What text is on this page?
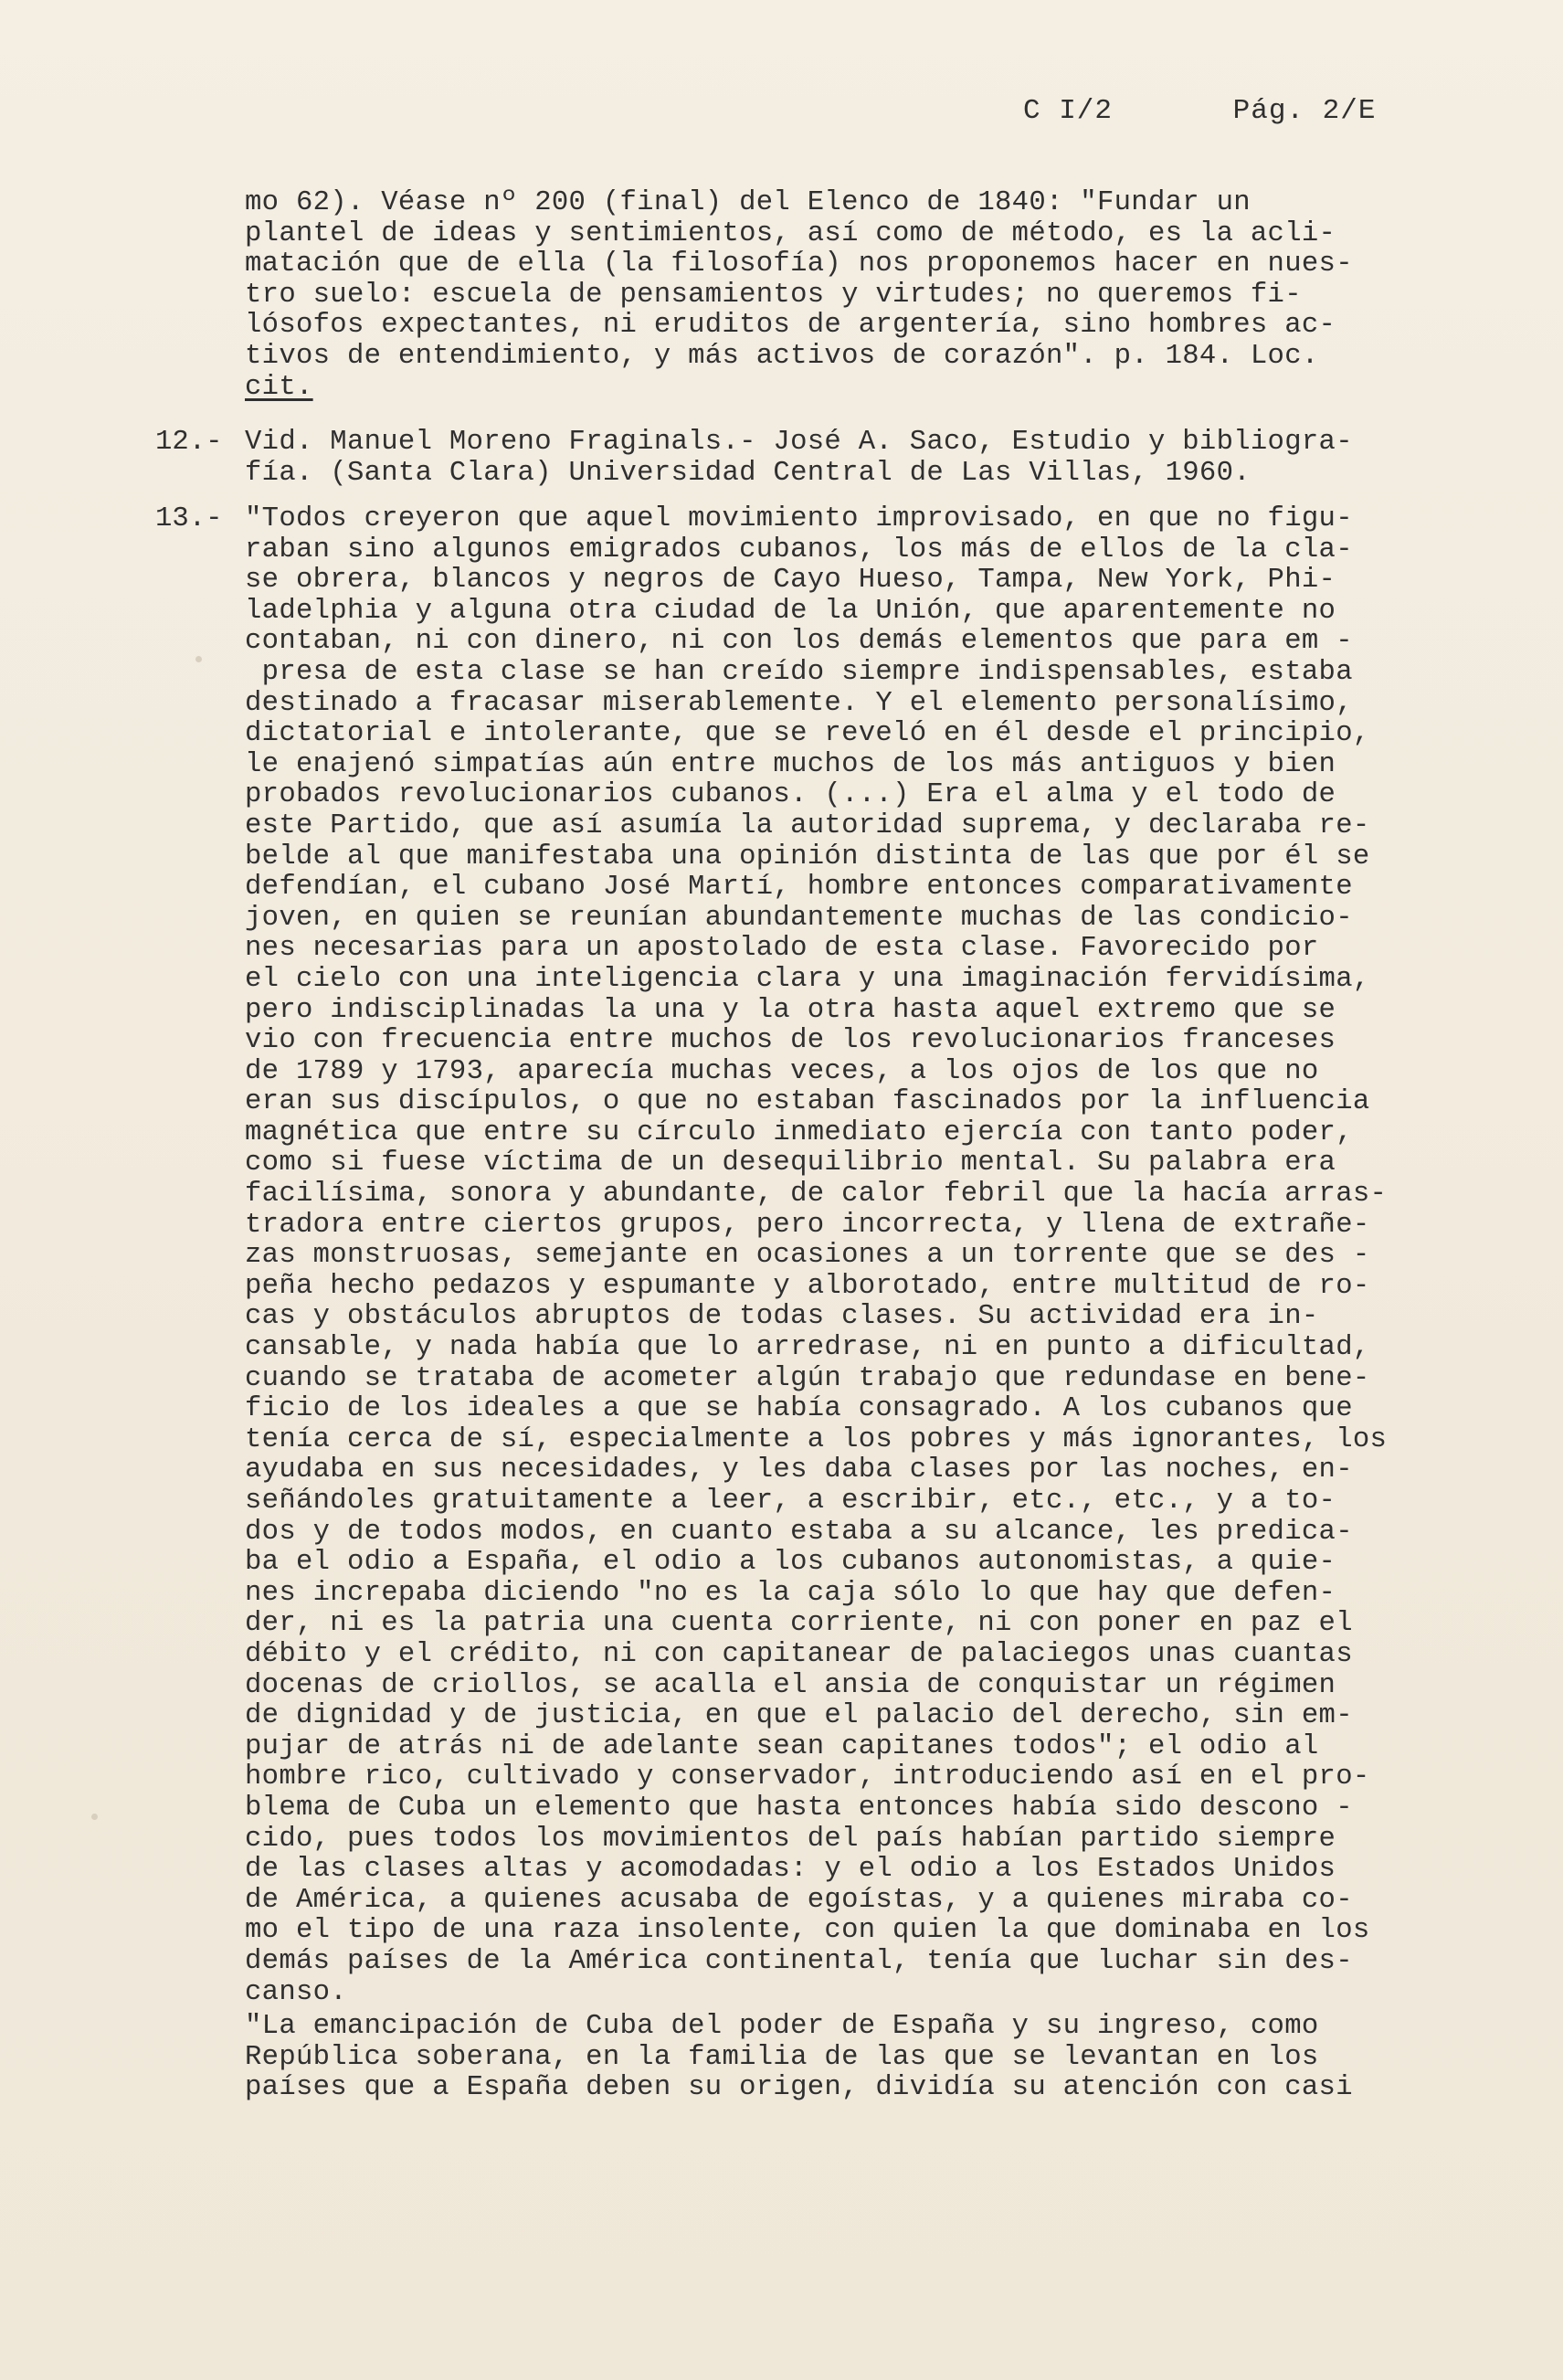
C I/2	Pág. 2/E
mo 62). Véase nº 200 (final) del Elenco de 1840: "Fundar un
plantel de ideas y sentimientos, así como de método, es la acli-
matación que de ella (la filosofía) nos proponemos hacer en nues-
tro suelo: escuela de pensamientos y virtudes; no queremos fi-
lósofos expectantes, ni eruditos de argentería, sino hombres ac-
tivos de entendimiento, y más activos de corazón". p. 184. Loc.
cit.
12.- Vid. Manuel Moreno Fraginals.- José A. Saco, Estudio y bibliogra-
fía. (Santa Clara) Universidad Central de Las Villas, 1960.
13.- "Todos creyeron que aquel movimiento improvisado, en que no figu-
raban sino algunos emigrados cubanos, los más de ellos de la cla-
se obrera, blancos y negros de Cayo Hueso, Tampa, New York, Phi-
ladelphia y alguna otra ciudad de la Unión, que aparentemente no
contaban, ni con dinero, ni con los demás elementos que para em -
presa de esta clase se han creído siempre indispensables, estaba
destinado a fracasar miserablemente. Y el elemento personalísimo,
dictatorial e intolerante, que se reveló en él desde el principio,
le enajenó simpatías aún entre muchos de los más antiguos y bien
probados revolucionarios cubanos. (...) Era el alma y el todo de
este Partido, que así asumía la autoridad suprema, y declaraba re-
belde al que manifestaba una opinión distinta de las que por él se
defendían, el cubano José Martí, hombre entonces comparativamente
joven, en quien se reunían abundantemente muchas de las condicio-
nes necesarias para un apostolado de esta clase. Favorecido por
el cielo con una inteligencia clara y una imaginación fervidísima,
pero indisciplinadas la una y la otra hasta aquel extremo que se
vio con frecuencia entre muchos de los revolucionarios franceses
de 1789 y 1793, aparecía muchas veces, a los ojos de los que no
eran sus discípulos, o que no estaban fascinados por la influencia
magnética que entre su círculo inmediato ejercía con tanto poder,
como si fuese víctima de un desequilibrio mental. Su palabra era
facilísima, sonora y abundante, de calor febril que la hacía arras-
tradora entre ciertos grupos, pero incorrecta, y llena de extrañe-
zas monstruosas, semejante en ocasiones a un torrente que se des -
peña hecho pedazos y espumante y alborotado, entre multitud de ro-
cas y obstáculos abruptos de todas clases. Su actividad era in-
cansable, y nada había que lo arredrase, ni en punto a dificultad,
cuando se trataba de acometer algún trabajo que redundase en bene-
ficio de los ideales a que se había consagrado. A los cubanos que
tenía cerca de sí, especialmente a los pobres y más ignorantes, los
ayudaba en sus necesidades, y les daba clases por las noches, en-
señándoles gratuitamente a leer, a escribir, etc., etc., y a to-
dos y de todos modos, en cuanto estaba a su alcance, les predica-
ba el odio a España, el odio a los cubanos autonomistas, a quie-
nes increpaba diciendo "no es la caja sólo lo que hay que defen-
der, ni es la patria una cuenta corriente, ni con poner en paz el
débito y el crédito, ni con capitanear de palaciegos unas cuantas
docenas de criollos, se acalla el ansia de conquistar un régimen
de dignidad y de justicia, en que el palacio del derecho, sin em-
pujar de atrás ni de adelante sean capitanes todos"; el odio al
hombre rico, cultivado y conservador, introduciendo así en el pro-
blema de Cuba un elemento que hasta entonces había sido descono -
cido, pues todos los movimientos del país habían partido siempre
de las clases altas y acomodadas: y el odio a los Estados Unidos
de América, a quienes acusaba de egoístas, y a quienes miraba co-
mo el tipo de una raza insolente, con quien la que dominaba en los
demás países de la América continental, tenía que luchar sin des-
canso.
"La emancipación de Cuba del poder de España y su ingreso, como
República soberana, en la familia de las que se levantan en los
países que a España deben su origen, dividía su atención con casi
